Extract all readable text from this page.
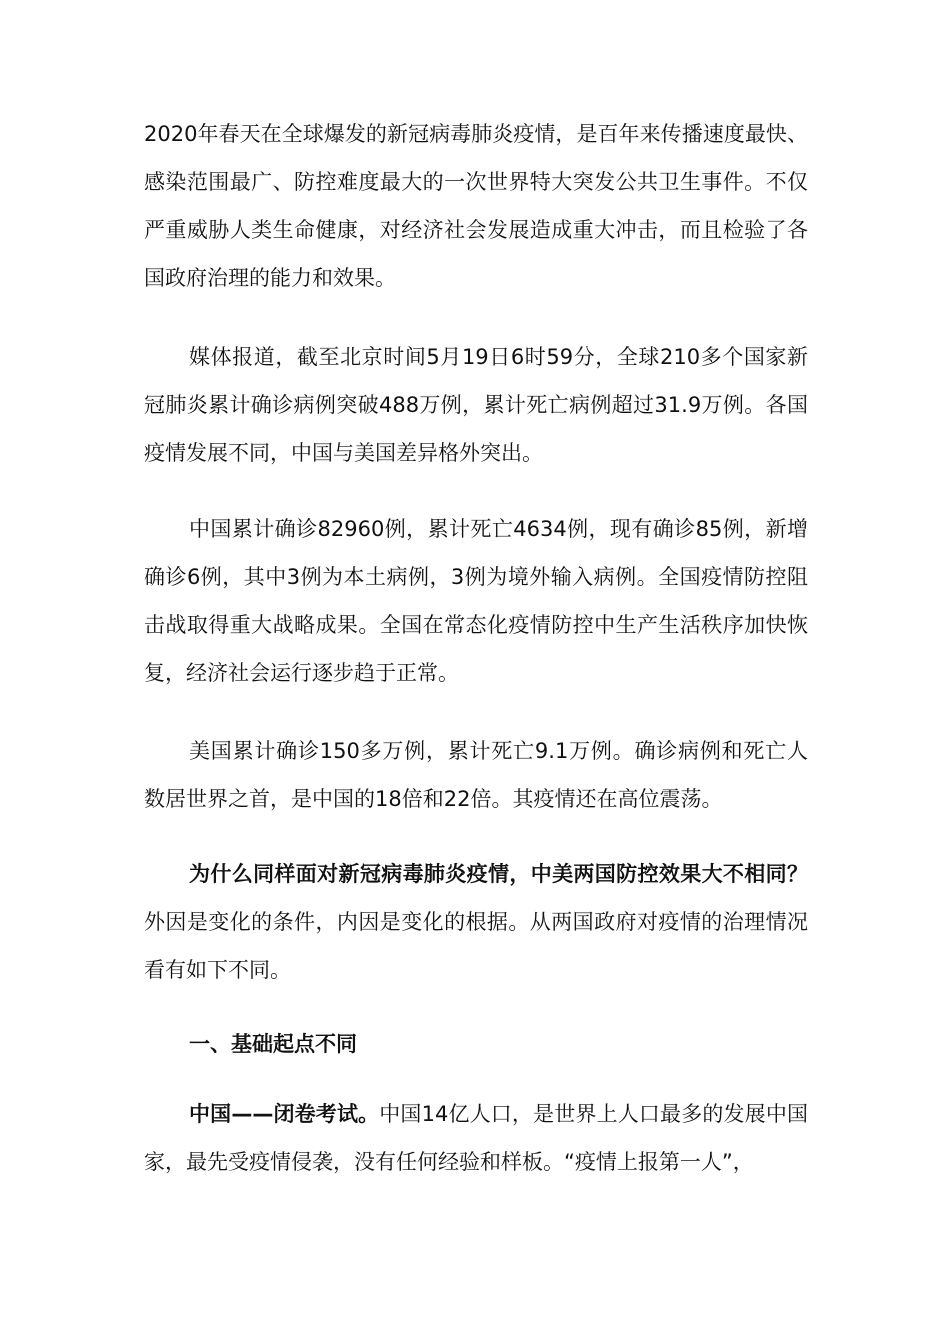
2020年春天在全球爆发的新冠病毒肺炎疫情，是百年来传播速度最快、感染范围最广、防控难度最大的一次世界特大突发公共卫生事件。不仅严重威胁人类生命健康，对经济社会发展造成重大冲击，而且检验了各国政府治理的能力和效果。

媒体报道，截至北京时间5月19日6时59分，全球210多个国家新冠肺炎累计确诊病例突破488万例，累计死亡病例超过31.9万例。各国疫情发展不同，中国与美国差异格外突出。

中国累计确诊82960例，累计死亡4634例，现有确诊85例，新增确诊6例，其中3例为本土病例，3例为境外输入病例。全国疫情防控阻击战取得重大战略成果。全国在常态化疫情防控中生产生活秩序加快恢复，经济社会运行逐步趋于正常。

美国累计确诊150多万例，累计死亡9.1万例。确诊病例和死亡人数居世界之首，是中国的18倍和22倍。其疫情还在高位震荡。

为什么同样面对新冠病毒肺炎疫情，中美两国防控效果大不相同？外因是变化的条件，内因是变化的根据。从两国政府对疫情的治理情况看有如下不同。

一、基础起点不同

中国——闭卷考试。中国14亿人口，是世界上人口最多的发展中国家，最先受疫情侵袭，没有任何经验和样板。“疫情上报第一人”，
